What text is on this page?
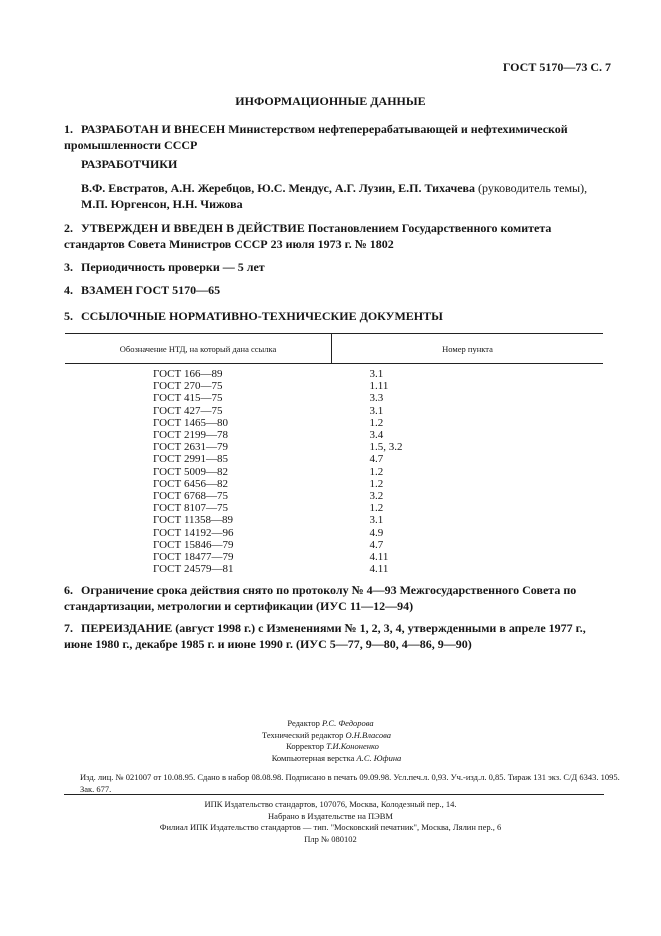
ГОСТ 5170—73 С. 7
ИНФОРМАЦИОННЫЕ ДАННЫЕ
1. РАЗРАБОТАН И ВНЕСЕН Министерством нефтеперерабатывающей и нефтехимической промышленности СССР
РАЗРАБОТЧИКИ
В.Ф. Евстратов, А.Н. Жеребцов, Ю.С. Мендус, А.Г. Лузин, Е.П. Тихачева (руководитель темы), М.П. Юргенсон, Н.Н. Чижова
2. УТВЕРЖДЕН И ВВЕДЕН В ДЕЙСТВИЕ Постановлением Государственного комитета стандартов Совета Министров СССР 23 июля 1973 г. № 1802
3. Периодичность проверки — 5 лет
4. ВЗАМЕН ГОСТ 5170—65
5. ССЫЛОЧНЫЕ НОРМАТИВНО-ТЕХНИЧЕСКИЕ ДОКУМЕНТЫ
Обозначение НТД, на который дана ссылка	Номер пункта
ГОСТ 166—89	3.1
ГОСТ 270—75	1.11
ГОСТ 415—75	3.3
ГОСТ 427—75	3.1
ГОСТ 1465—80	1.2
ГОСТ 2199—78	3.4
ГОСТ 2631—79	1.5, 3.2
ГОСТ 2991—85	4.7
ГОСТ 5009—82	1.2
ГОСТ 6456—82	1.2
ГОСТ 6768—75	3.2
ГОСТ 8107—75	1.2
ГОСТ 11358—89	3.1
ГОСТ 14192—96	4.9
ГОСТ 15846—79	4.7
ГОСТ 18477—79	4.11
ГОСТ 24579—81	4.11
6. Ограничение срока действия снято по протоколу № 4—93 Межгосударственного Совета по стандартизации, метрологии и сертификации (ИУС 11—12—94)
7. ПЕРЕИЗДАНИЕ (август 1998 г.) с Изменениями № 1, 2, 3, 4, утвержденными в апреле 1977 г., июне 1980 г., декабре 1985 г. и июне 1990 г. (ИУС 5—77, 9—80, 4—86, 9—90)
Редактор Р.С. Федорова
Технический редактор О.Н.Власова
Корректор Т.И.Кононенко
Компьютерная верстка А.С. Юфина
Изд. лиц. № 021007 от 10.08.95. Сдано в набор 08.08.98. Подписано в печать 09.09.98. Усл.печ.л. 0,93. Уч.-изд.л. 0,85. Тираж 131 экз. С/Д 6343. 1095. Зак. 677.
ИПК Издательство стандартов, 107076, Москва, Колодезный пер., 14.
Набрано в Издательстве на ПЭВМ
Филиал ИПК Издательство стандартов — тип. "Московский печатник", Москва, Лялин пер., 6
Плр № 080102
